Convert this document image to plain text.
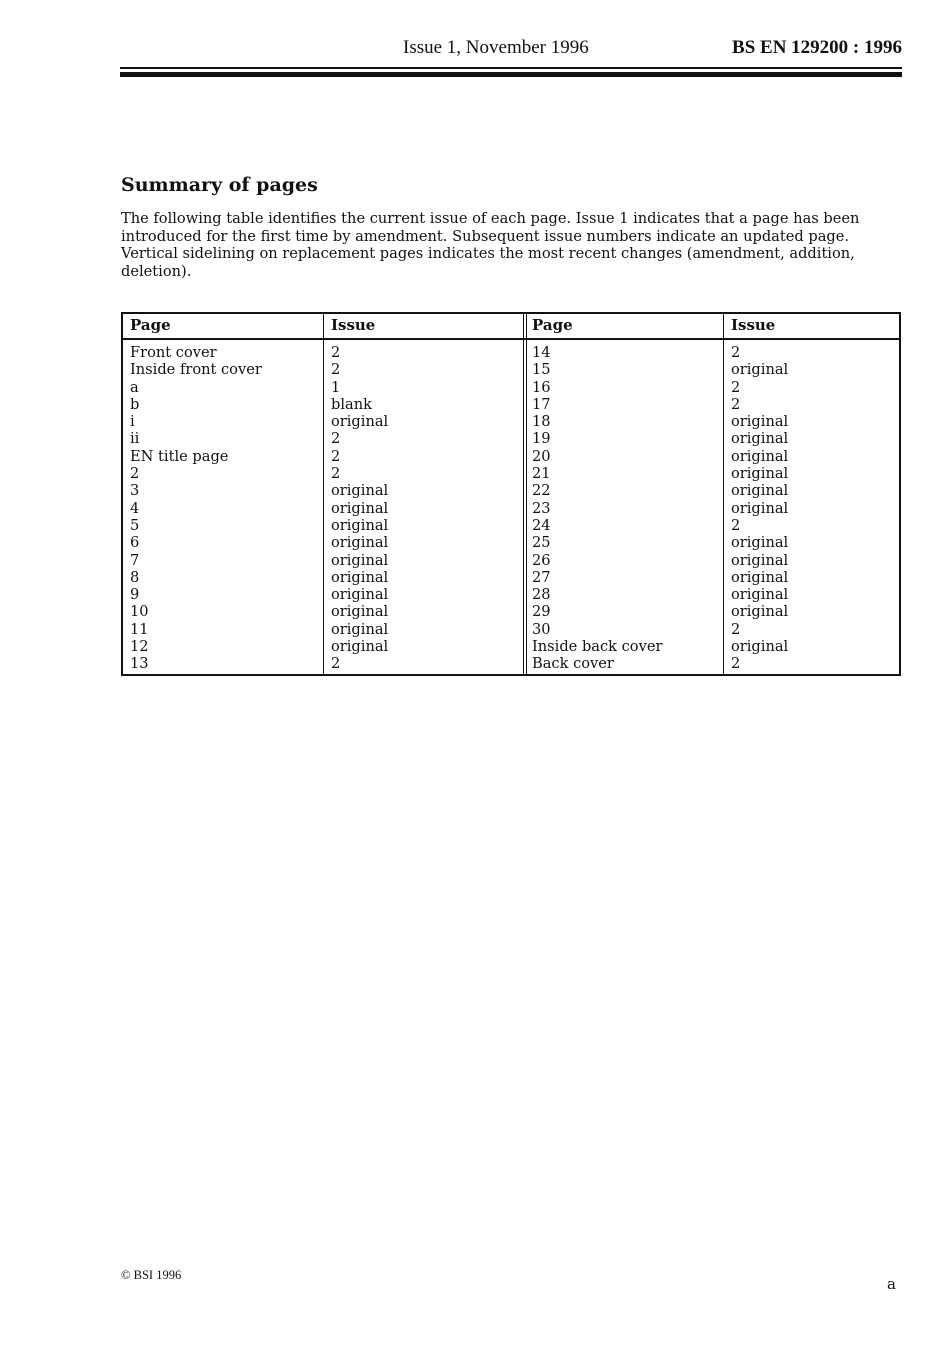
Issue 1, November 1996	BS EN 129200 : 1996
Summary of pages

The following table identifies the current issue of each page. Issue 1 indicates that a page has been introduced for the first time by amendment. Subsequent issue numbers indicate an updated page. Vertical sidelining on replacement pages indicates the most recent changes (amendment, addition, deletion).

Page
Front cover
Inside front cover
a
b
i
ii
EN title page
2
3
4
5
6
7
8
9
10
11
12
13
Issue
2
2
1
blank
original
2
2
2
original
original
original
original
original
original
original
original
original
original
2
Page
14
15
16
17
18
19
20
21
22
23
24
25
26
27
28
29
30
Inside back cover
Back cover
Issue
2
original
2
2
original
original
original
original
original
original
2
original
original
original
original
original
2
original
2
© BSI 1996	a
